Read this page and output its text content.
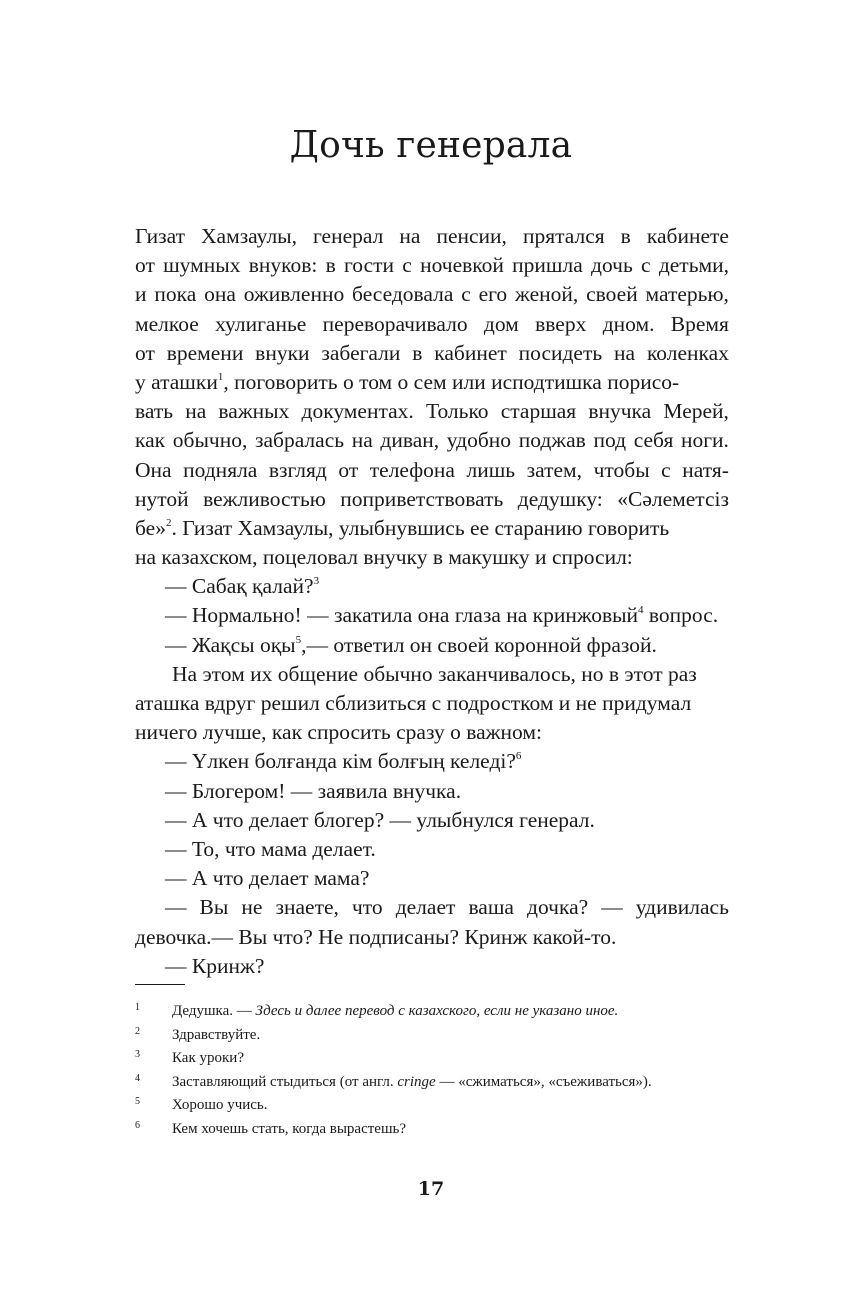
Дочь генерала
Гизат Хамзаулы, генерал на пенсии, прятался в кабинете
от шумных внуков: в гости с ночевкой пришла дочь с детьми,
и пока она оживленно беседовала с его женой, своей матерью,
мелкое хулиганье переворачивало дом вверх дном. Время
от времени внуки забегали в кабинет посидеть на коленках
у аташки$^1$, поговорить о том о сем или исподтишка порисо-
вать на важных документах. Только старшая внучка Мерей,
как обычно, забралась на диван, удобно поджав под себя ноги.
Она подняла взгляд от телефона лишь затем, чтобы с натя-
нутой вежливостью поприветствовать дедушку: «Сәлеметсіз
бе»$^2$. Гизат Хамзаулы, улыбнувшись ее старанию говорить
на казахском, поцеловал внучку в макушку и спросил:
— Сабақ қалай?$^3$
— Нормально! — закатила она глаза на кринжовый$^4$ вопрос.
— Жақсы оқы$^5$,— ответил он своей коронной фразой.
На этом их общение обычно заканчивалось, но в этот раз
аташка вдруг решил сблизиться с подростком и не придумал
ничего лучше, как спросить сразу о важном:
— Үлкен болғанда кім болғың келеді?$^6$
— Блогером! — заявила внучка.
— А что делает блогер? — улыбнулся генерал.
— То, что мама делает.
— А что делает мама?
— Вы не знаете, что делает ваша дочка? — удивилась
девочка.— Вы что? Не подписаны? Кринж какой-то.
— Кринж?
1	Дедушка. — Здесь и далее перевод с казахского, если не указано иное.
2	Здравствуйте.
3	Как уроки?
4	Заставляющий стыдиться (от англ. cringe — «сжиматься», «съеживаться»).
5	Хорошо учись.
6	Кем хочешь стать, когда вырастешь?
17
